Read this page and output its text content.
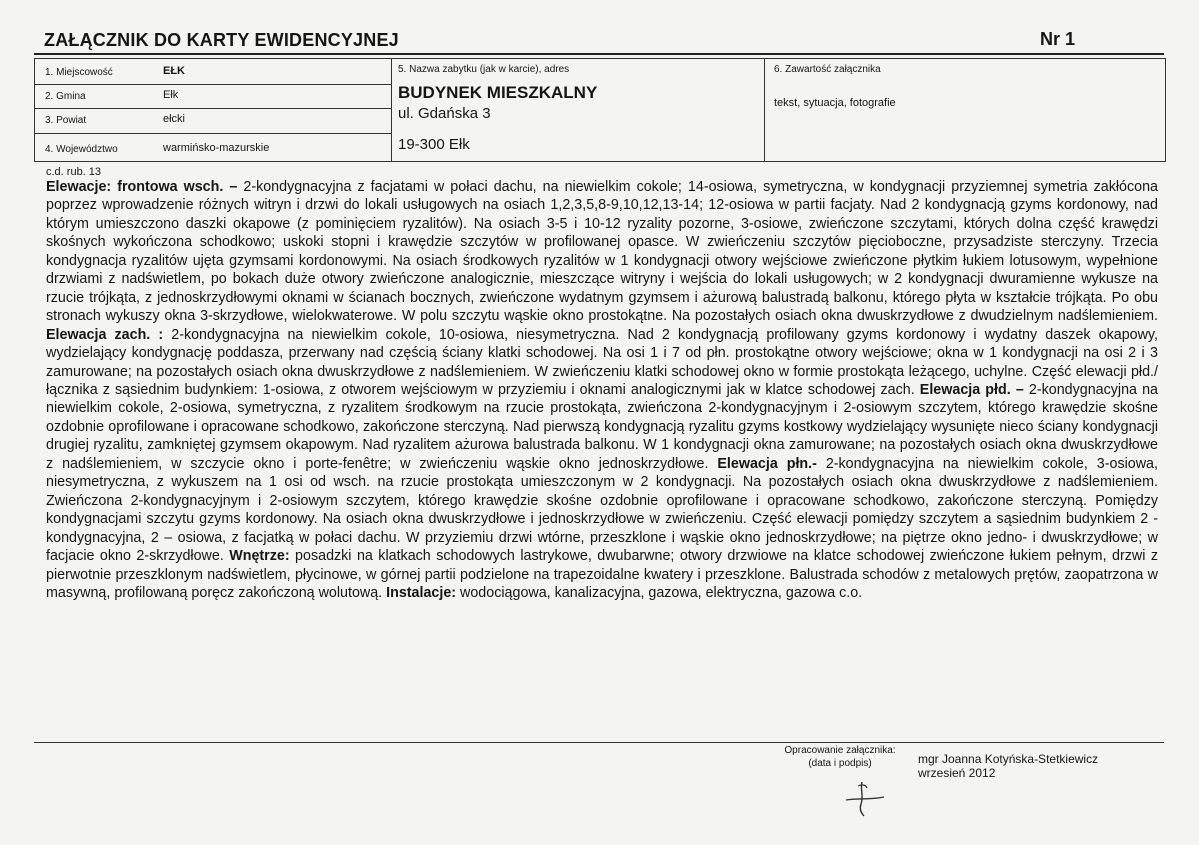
ZAŁĄCZNIK DO KARTY EWIDENCYJNEJ	Nr 1
1. Miejscowość	EŁK
2. Gmina	Ełk
3. Powiat	ełcki
4. Województwo	warmińsko-mazurskie
5. Nazwa zabytku (jak w karcie), adres
BUDYNEK MIESZKALNY
ul. Gdańska 3
19-300 Ełk
6. Zawartość załącznika
tekst, sytuacja, fotografie
c.d. rub. 13
Elewacje: frontowa wsch. – 2-kondygnacyjna z facjatami w połaci dachu, na niewielkim cokole; 14-osiowa, symetryczna, w kondygnacji przyziemnej symetria zakłócona poprzez wprowadzenie różnych witryn i drzwi do lokali usługowych na osiach 1,2,3,5,8-9,10,12,13-14; 12-osiowa w partii facjaty. Nad 2 kondygnacją gzyms kordonowy, nad którym umieszczono daszki okapowe (z pominięciem ryzalitów). Na osiach 3-5 i 10-12 ryzality pozorne, 3-osiowe, zwieńczone szczytami, których dolna część krawędzi skośnych wykończona schodkowo; uskoki stopni i krawędzie szczytów w profilowanej opasce. W zwieńczeniu szczytów pięcioboczne, przysadziste sterczyny. Trzecia kondygnacja ryzalitów ujęta gzymsami kordonowymi. Na osiach środkowych ryzalitów w 1 kondygnacji otwory wejściowe zwieńczone płytkim łukiem lotusowym, wypełnione drzwiami z nadświetlem, po bokach duże otwory zwieńczone analogicznie, mieszczące witryny i wejścia do lokali usługowych; w 2 kondygnacji dwuramienne wykusze na rzucie trójkąta, z jednoskrzydłowymi oknami w ścianach bocznych, zwieńczone wydatnym gzymsem i ażurową balustradą balkonu, którego płyta w kształcie trójkąta. Po obu stronach wykuszy okna 3-skrzydłowe, wielokwaterowe. W polu szczytu wąskie okno prostokątne. Na pozostałych osiach okna dwuskrzydłowe z dwudzielnym nadślemieniem. Elewacja zach. : 2-kondygnacyjna na niewielkim cokole, 10-osiowa, niesymetryczna. Nad 2 kondygnacją profilowany gzyms kordonowy i wydatny daszek okapowy, wydzielający kondygnację poddasza, przerwany nad częścią ściany klatki schodowej. Na osi 1 i 7 od płn. prostokątne otwory wejściowe; okna w 1 kondygnacji na osi 2 i 3 zamurowane; na pozostałych osiach okna dwuskrzydłowe z nadślemieniem. W zwieńczeniu klatki schodowej okno w formie prostokąta leżącego, uchylne. Część elewacji płd./łącznika z sąsiednim budynkiem: 1-osiowa, z otworem wejściowym w przyziemiu i oknami analogicznymi jak w klatce schodowej zach. Elewacja płd. – 2-kondygnacyjna na niewielkim cokole, 2-osiowa, symetryczna, z ryzalitem środkowym na rzucie prostokąta, zwieńczona 2-kondygnacyjnym i 2-osiowym szczytem, którego krawędzie skośne ozdobnie oprofilowane i opracowane schodkowo, zakończone sterczyną. Nad pierwszą kondygnacją ryzalitu gzyms kostkowy wydzielający wysunięte nieco ściany kondygnacji drugiej ryzalitu, zamkniętej gzymsem okapowym. Nad ryzalitem ażurowa balustrada balkonu. W 1 kondygnacji okna zamurowane; na pozostałych osiach okna dwuskrzydłowe z nadślemieniem, w szczycie okno i porte-fenêtre; w zwieńczeniu wąskie okno jednoskrzydłowe. Elewacja płn.- 2-kondygnacyjna na niewielkim cokole, 3-osiowa, niesymetryczna, z wykuszem na 1 osi od wsch. na rzucie prostokąta umieszczonym w 2 kondygnacji. Na pozostałych osiach okna dwuskrzydłowe z nadślemieniem. Zwieńczona 2-kondygnacyjnym i 2-osiowym szczytem, którego krawędzie skośne ozdobnie oprofilowane i opracowane schodkowo, zakończone sterczyną. Pomiędzy kondygnacjami szczytu gzyms kordonowy. Na osiach okna dwuskrzydłowe i jednoskrzydłowe w zwieńczeniu. Część elewacji pomiędzy szczytem a sąsiednim budynkiem 2 - kondygnacyjna, 2 – osiowa, z facjatką w połaci dachu. W przyziemiu drzwi wtórne, przeszklone i wąskie okno jednoskrzydłowe; na piętrze okno jedno- i dwuskrzydłowe; w facjacie okno 2-skrzydłowe. Wnętrze: posadzki na klatkach schodowych lastrykowe, dwubarwne; otwory drzwiowe na klatce schodowej zwieńczone łukiem pełnym, drzwi z pierwotnie przeszklonym nadświetlem, płycinowe, w górnej partii podzielone na trapezoidalne kwatery i przeszklone. Balustrada schodów z metalowych prętów, zaopatrzona w masywną, profilowaną poręcz zakończoną wolutową. Instalacje: wodociągowa, kanalizacyjna, gazowa, elektryczna, gazowa c.o.
Opracowanie załącznika:
(data i podpis)	mgr Joanna Kotyńska-Stetkiewicz
wrzesień 2012
